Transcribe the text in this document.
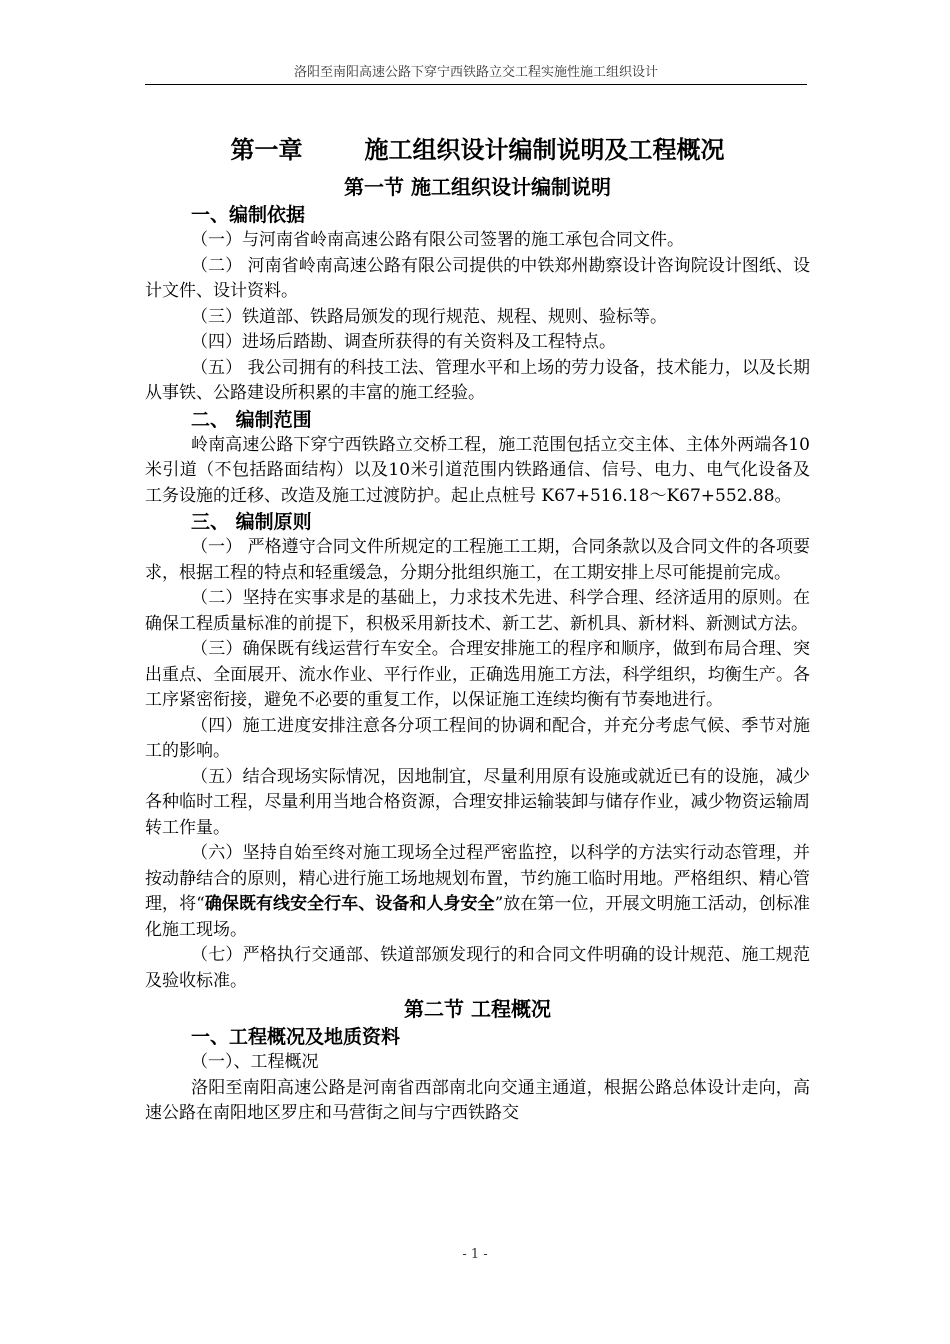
洛阳至南阳高速公路下穿宁西铁路立交工程实施性施工组织设计
第一章	施工组织设计编制说明及工程概况
第一节 施工组织设计编制说明
一、编制依据

（一）与河南省岭南高速公路有限公司签署的施工承包合同文件。

（二） 河南省岭南高速公路有限公司提供的中铁郑州勘察设计咨询院设计图纸、设计文件、设计资料。

（三）铁道部、铁路局颁发的现行规范、规程、规则、验标等。

（四）进场后踏勘、调查所获得的有关资料及工程特点。

（五） 我公司拥有的科技工法、管理水平和上场的劳力设备，技术能力，以及长期从事铁、公路建设所积累的丰富的施工经验。

二、 编制范围

岭南高速公路下穿宁西铁路立交桥工程，施工范围包括立交主体、主体外两端各10米引道（不包括路面结构）以及10米引道范围内铁路通信、信号、电力、电气化设备及工务设施的迁移、改造及施工过渡防护。起止点桩号 K67+516.18～K67+552.88。

三、 编制原则

（一） 严格遵守合同文件所规定的工程施工工期，合同条款以及合同文件的各项要求，根据工程的特点和轻重缓急，分期分批组织施工，在工期安排上尽可能提前完成。

（二）坚持在实事求是的基础上，力求技术先进、科学合理、经济适用的原则。在确保工程质量标准的前提下，积极采用新技术、新工艺、新机具、新材料、新测试方法。

（三）确保既有线运营行车安全。合理安排施工的程序和顺序，做到布局合理、突出重点、全面展开、流水作业、平行作业，正确选用施工方法，科学组织，均衡生产。各工序紧密衔接，避免不必要的重复工作，以保证施工连续均衡有节奏地进行。

（四）施工进度安排注意各分项工程间的协调和配合，并充分考虑气候、季节对施工的影响。

（五）结合现场实际情况，因地制宜，尽量利用原有设施或就近已有的设施，减少各种临时工程，尽量利用当地合格资源，合理安排运输装卸与储存作业，减少物资运输周转工作量。

（六）坚持自始至终对施工现场全过程严密监控，以科学的方法实行动态管理，并按动静结合的原则，精心进行施工场地规划布置，节约施工临时用地。严格组织、精心管理，将“确保既有线安全行车、设备和人身安全”放在第一位，开展文明施工活动，创标准化施工现场。

（七）严格执行交通部、铁道部颁发现行的和合同文件明确的设计规范、施工规范及验收标准。

第二节 工程概况
一、工程概况及地质资料

（一）、工程概况

洛阳至南阳高速公路是河南省西部南北向交通主通道，根据公路总体设计走向，高速公路在南阳地区罗庄和马营街之间与宁西铁路交

- 1 -
